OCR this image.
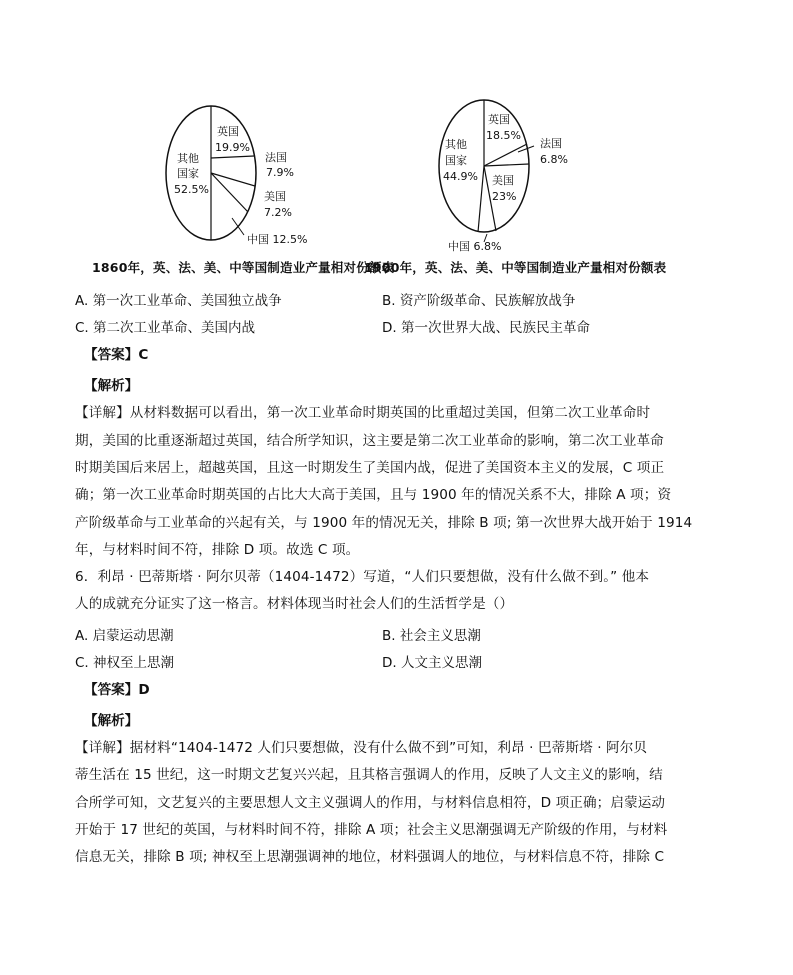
英国
19.9%
法国
7.9%
美国
7.2%
中国 12.5%
其他
国家
52.5%
1860年，英、法、美、中等国制造业产量相对份额表
英国
18.5%
法国
6.8%
美国
23%
中国 6.8%
其他
国家
44.9%
1900年，英、法、美、中等国制造业产量相对份额表
A. 第一次工业革命、美国独立战争	B. 资产阶级革命、民族解放战争
C. 第二次工业革命、美国内战	D. 第一次世界大战、民族民主革命
【答案】C
【解析】
【详解】从材料数据可以看出，第一次工业革命时期英国的比重超过美国，但第二次工业革命时
期，美国的比重逐渐超过英国，结合所学知识，这主要是第二次工业革命的影响，第二次工业革命
时期美国后来居上，超越英国，且这一时期发生了美国内战，促进了美国资本主义的发展，C 项正
确；第一次工业革命时期英国的占比大大高于美国，且与 1900 年的情况关系不大，排除 A 项；资
产阶级革命与工业革命的兴起有关，与 1900 年的情况无关，排除 B 项; 第一次世界大战开始于 1914
年，与材料时间不符，排除 D 项。故选 C 项。
6．利昂 · 巴蒂斯塔 · 阿尔贝蒂（1404-1472）写道，“人们只要想做，没有什么做不到。” 他本
人的成就充分证实了这一格言。材料体现当时社会人们的生活哲学是（）
A. 启蒙运动思潮	B. 社会主义思潮
C. 神权至上思潮	D. 人文主义思潮
【答案】D
【解析】
【详解】据材料“1404-1472 人们只要想做，没有什么做不到”可知，利昂 · 巴蒂斯塔 · 阿尔贝
蒂生活在 15 世纪，这一时期文艺复兴兴起，且其格言强调人的作用，反映了人文主义的影响，结
合所学可知，文艺复兴的主要思想人文主义强调人的作用，与材料信息相符，D 项正确；启蒙运动
开始于 17 世纪的英国，与材料时间不符，排除 A 项；社会主义思潮强调无产阶级的作用，与材料
信息无关，排除 B 项; 神权至上思潮强调神的地位，材料强调人的地位，与材料信息不符，排除 C
